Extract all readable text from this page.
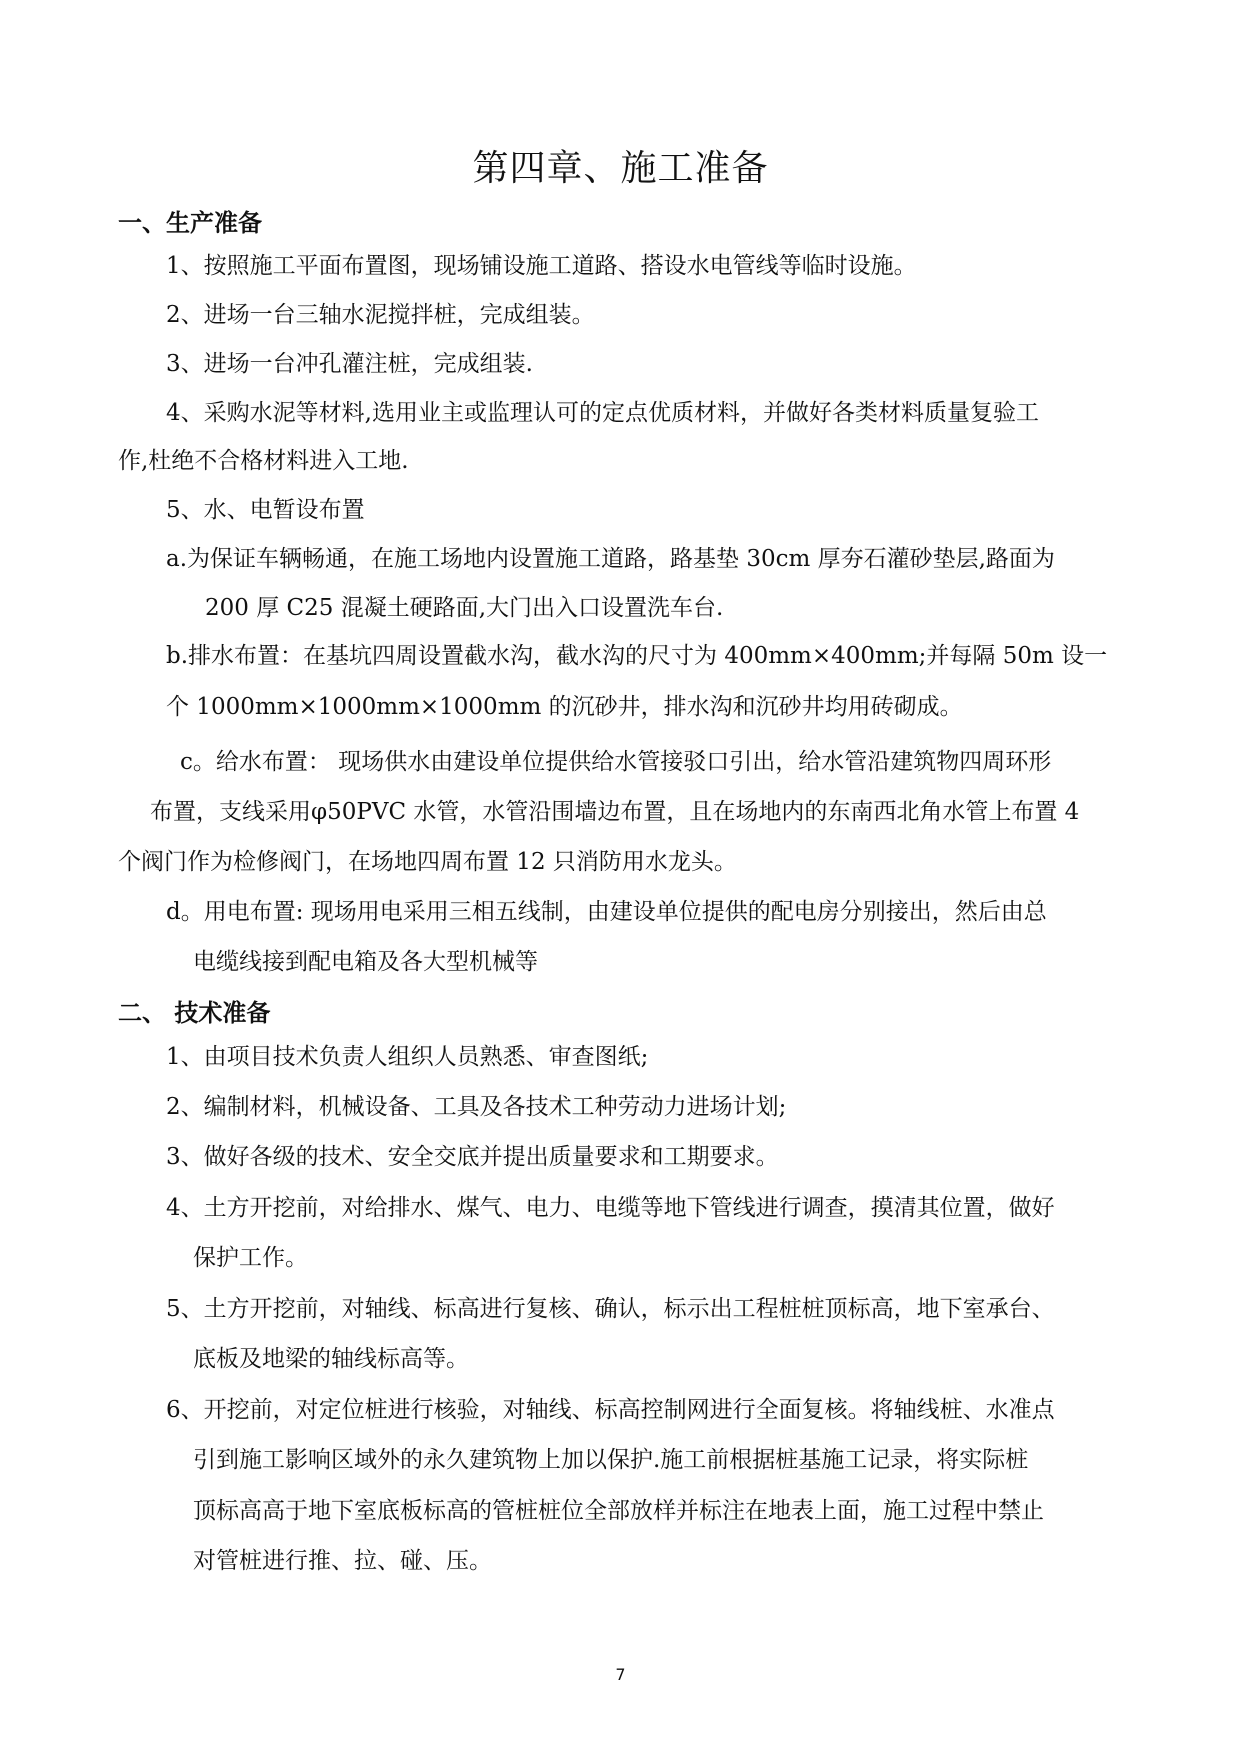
第四章、施工准备
一、生产准备
1、按照施工平面布置图，现场铺设施工道路、搭设水电管线等临时设施。
2、进场一台三轴水泥搅拌桩，完成组装。
3、进场一台冲孔灌注桩，完成组装.
4、采购水泥等材料,选用业主或监理认可的定点优质材料，并做好各类材料质量复验工
作,杜绝不合格材料进入工地.
5、水、电暂设布置
a.为保证车辆畅通，在施工场地内设置施工道路，路基垫 30cm 厚夯石灌砂垫层,路面为
200 厚 C25 混凝土硬路面,大门出入口设置洗车台.
b.排水布置：在基坑四周设置截水沟，截水沟的尺寸为 400mm×400mm;并每隔 50m 设一
个 1000mm×1000mm×1000mm 的沉砂井，排水沟和沉砂井均用砖砌成。
c。给水布置： 现场供水由建设单位提供给水管接驳口引出，给水管沿建筑物四周环形
布置，支线采用φ50PVC 水管，水管沿围墙边布置，且在场地内的东南西北角水管上布置 4
个阀门作为检修阀门，在场地四周布置 12 只消防用水龙头。
d。用电布置: 现场用电采用三相五线制，由建设单位提供的配电房分别接出，然后由总
电缆线接到配电箱及各大型机械等
二、 技术准备
1、由项目技术负责人组织人员熟悉、审查图纸;
2、编制材料，机械设备、工具及各技术工种劳动力进场计划;
3、做好各级的技术、安全交底并提出质量要求和工期要求。
4、土方开挖前，对给排水、煤气、电力、电缆等地下管线进行调查，摸清其位置，做好
保护工作。
5、土方开挖前，对轴线、标高进行复核、确认，标示出工程桩桩顶标高，地下室承台、
底板及地梁的轴线标高等。
6、开挖前，对定位桩进行核验，对轴线、标高控制网进行全面复核。将轴线桩、水准点
引到施工影响区域外的永久建筑物上加以保护.施工前根据桩基施工记录，将实际桩
顶标高高于地下室底板标高的管桩桩位全部放样并标注在地表上面，施工过程中禁止
对管桩进行推、拉、碰、压。
7
